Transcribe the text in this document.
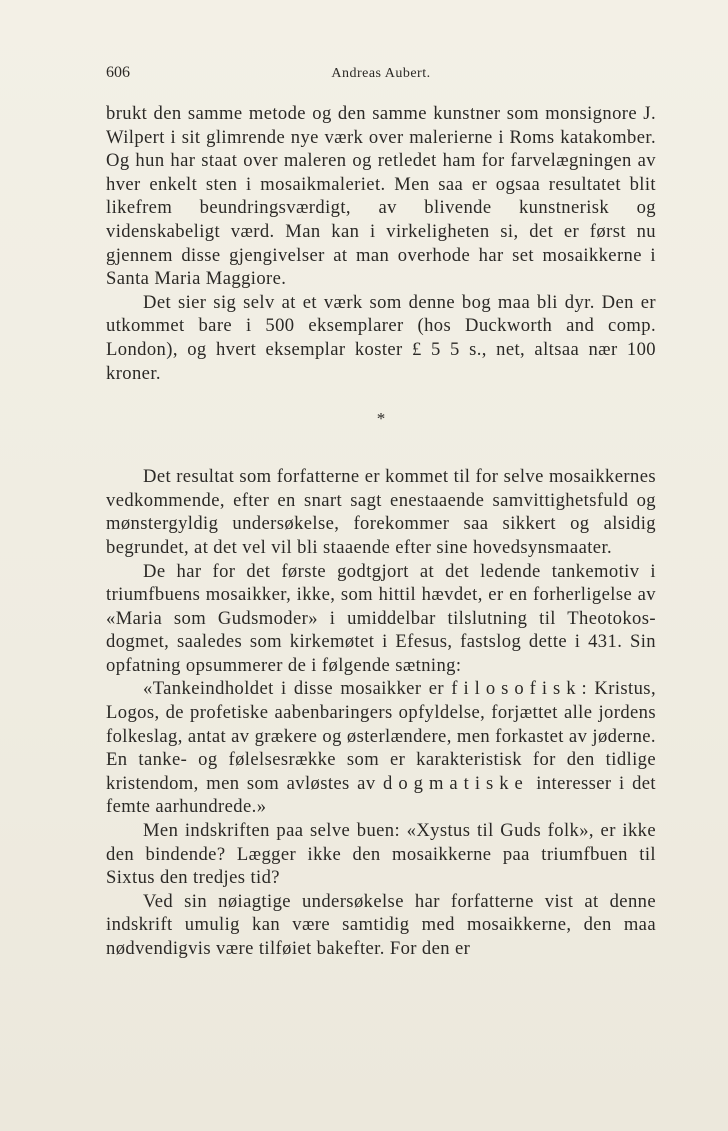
606	Andreas Aubert.

brukt den samme metode og den samme kunstner som monsignore J. Wilpert i sit glimrende nye værk over malerierne i Roms katakomber. Og hun har staat over maleren og retledet ham for farvelægningen av hver enkelt sten i mosaikmaleriet. Men saa er ogsaa resultatet blit likefrem beundringsværdigt, av blivende kunstnerisk og videnskabeligt værd. Man kan i virkeligheten si, det er først nu gjennem disse gjengivelser at man overhode har set mosaikkerne i Santa Maria Maggiore.

Det sier sig selv at et værk som denne bog maa bli dyr. Den er utkommet bare i 500 eksemplarer (hos Duckworth and comp. London), og hvert eksemplar koster £ 5 5 s., net, altsaa nær 100 kroner.

*

Det resultat som forfatterne er kommet til for selve mosaikkernes vedkommende, efter en snart sagt enestaaende samvittighetsfuld og mønstergyldig undersøkelse, forekommer saa sikkert og alsidig begrundet, at det vel vil bli staaende efter sine hovedsynsmaater.

De har for det første godtgjort at det ledende tankemotiv i triumfbuens mosaikker, ikke, som hittil hævdet, er en forherligelse av «Maria som Gudsmoder» i umiddelbar tilslutning til Theotokos-dogmet, saaledes som kirkemøtet i Efesus, fastslog dette i 431. Sin opfatning opsummerer de i følgende sætning:

«Tankeindholdet i disse mosaikker er filosofisk: Kristus, Logos, de profetiske aabenbaringers opfyldelse, forjættet alle jordens folkeslag, antat av grækere og østerlændere, men forkastet av jøderne. En tanke- og følelsesrække som er karakteristisk for den tidlige kristendom, men som avløstes av dogmatiske interesser i det femte aarhundrede.»

Men indskriften paa selve buen: «Xystus til Guds folk», er ikke den bindende? Lægger ikke den mosaikkerne paa triumfbuen til Sixtus den tredjes tid?

Ved sin nøiagtige undersøkelse har forfatterne vist at denne indskrift umulig kan være samtidig med mosaikkerne, den maa nødvendigvis være tilføiet bakefter. For den er
